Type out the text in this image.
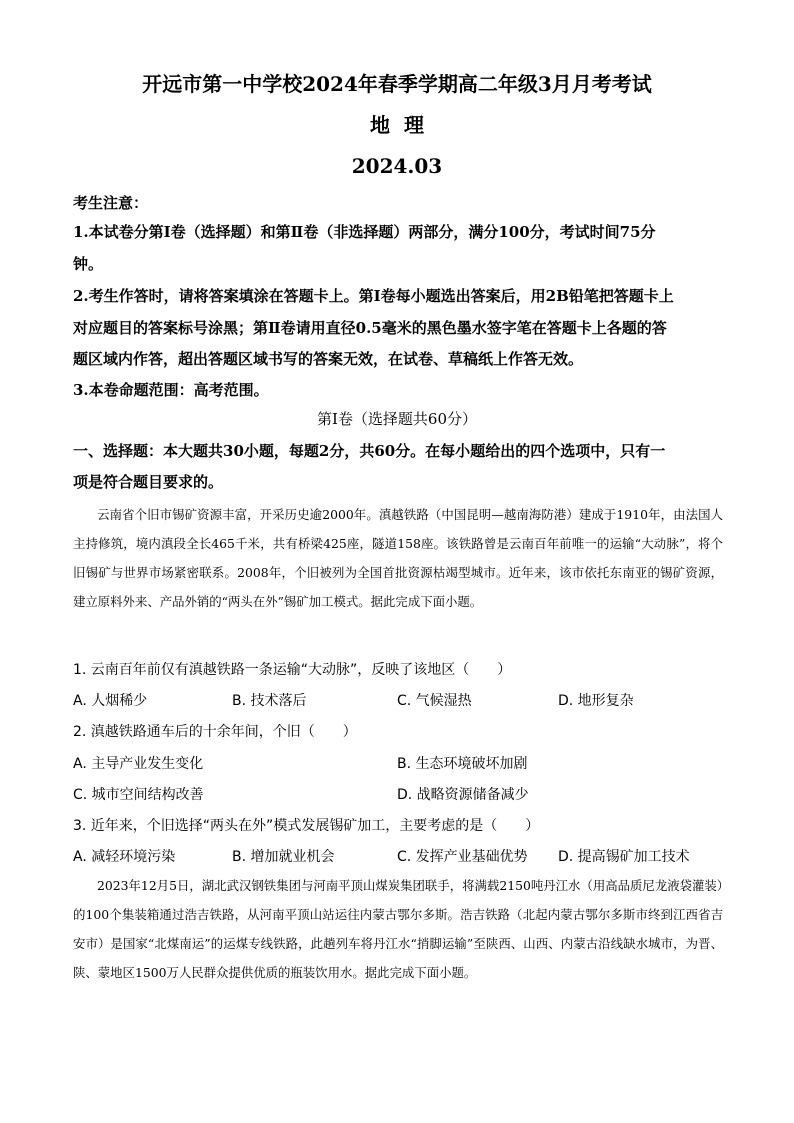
开远市第一中学校2024年春季学期高二年级3月月考考试
地理
2024.03
考生注意：
1.本试卷分第Ⅰ卷（选择题）和第Ⅱ卷（非选择题）两部分，满分100分，考试时间75分
钟。
2.考生作答时，请将答案填涂在答题卡上。第Ⅰ卷每小题选出答案后，用2B铅笔把答题卡上
对应题目的答案标号涂黑；第Ⅱ卷请用直径0.5毫米的黑色墨水签字笔在答题卡上各题的答
题区域内作答，超出答题区域书写的答案无效，在试卷、草稿纸上作答无效。
3.本卷命题范围：高考范围。
第Ⅰ卷（选择题共60分）
一、选择题：本大题共30小题，每题2分，共60分。在每小题给出的四个选项中，只有一
项是符合题目要求的。
云南省个旧市锡矿资源丰富，开采历史逾2000年。滇越铁路（中国昆明—越南海防港）建成于1910年，由法国人主持修筑，境内滇段全长465千米，共有桥梁425座，隧道158座。该铁路曾是云南百年前唯一的运输“大动脉”，将个旧锡矿与世界市场紧密联系。2008年，个旧被列为全国首批资源枯竭型城市。近年来，该市依托东南亚的锡矿资源，建立原料外来、产品外销的“两头在外”锡矿加工模式。据此完成下面小题。
1. 云南百年前仅有滇越铁路一条运输“大动脉”，反映了该地区（　　）
A. 人烟稀少	B. 技术落后	C. 气候湿热	D. 地形复杂
2. 滇越铁路通车后的十余年间，个旧（　　）
A. 主导产业发生变化	B. 生态环境破坏加剧
C. 城市空间结构改善	D. 战略资源储备减少
3. 近年来，个旧选择“两头在外”模式发展锡矿加工，主要考虑的是（　　）
A. 减轻环境污染	B. 增加就业机会	C. 发挥产业基础优势 D. 提高锡矿加工技术
2023年12月5日，湖北武汉钢铁集团与河南平顶山煤炭集团联手，将满载2150吨丹江水（用高品质尼龙液袋灌装）的100个集装箱通过浩吉铁路，从河南平顶山站运往内蒙古鄂尔多斯。浩吉铁路（北起内蒙古鄂尔多斯市终到江西省吉安市）是国家“北煤南运”的运煤专线铁路，此趟列车将丹江水“捎脚运输”至陕西、山西、内蒙古沿线缺水城市，为晋、陕、蒙地区1500万人民群众提供优质的瓶装饮用水。据此完成下面小题。
